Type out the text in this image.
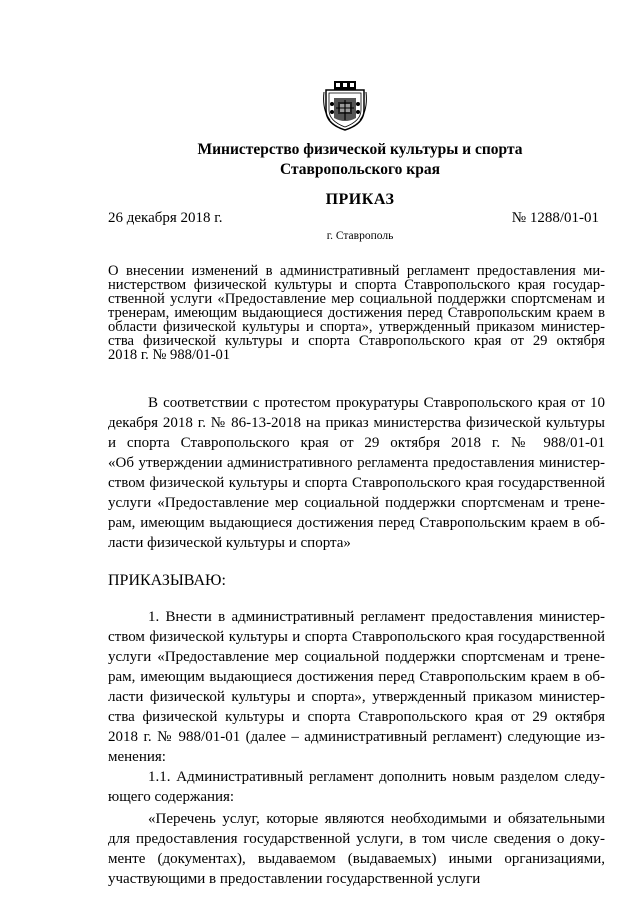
Министерство физической культуры и спорта
Ставропольского края
ПРИКАЗ
26 декабря 2018 г.	№ 1288/01-01
г. Ставрополь
О внесении изменений в административный регламент предоставления ми-
нистерством физической культуры и спорта Ставропольского края государ-
ственной услуги «Предоставление мер социальной поддержки спортсменам и
тренерам, имеющим выдающиеся достижения перед Ставропольским краем в
области физической культуры и спорта», утвержденный приказом министер-
ства физической культуры и спорта Ставропольского края от 29 октября
2018 г. № 988/01-01
В соответствии с протестом прокуратуры Ставропольского края от 10
декабря 2018 г. № 86-13-2018 на приказ министерства физической культуры
и спорта Ставропольского края от 29 октября 2018 г. № 988/01-01
«Об утверждении административного регламента предоставления министер-
ством физической культуры и спорта Ставропольского края государственной
услуги «Предоставление мер социальной поддержки спортсменам и трене-
рам, имеющим выдающиеся достижения перед Ставропольским краем в об-
ласти физической культуры и спорта»
ПРИКАЗЫВАЮ:
1. Внести в административный регламент предоставления министер-
ством физической культуры и спорта Ставропольского края государственной
услуги «Предоставление мер социальной поддержки спортсменам и трене-
рам, имеющим выдающиеся достижения перед Ставропольским краем в об-
ласти физической культуры и спорта», утвержденный приказом министер-
ства физической культуры и спорта Ставропольского края от 29 октября
2018 г. № 988/01-01 (далее – административный регламент) следующие из-
менения:
1.1. Административный регламент дополнить новым разделом следу-
ющего содержания:
«Перечень услуг, которые являются необходимыми и обязательными
для предоставления государственной услуги, в том числе сведения о доку-
менте (документах), выдаваемом (выдаваемых) иными организациями,
участвующими в предоставлении государственной услуги
